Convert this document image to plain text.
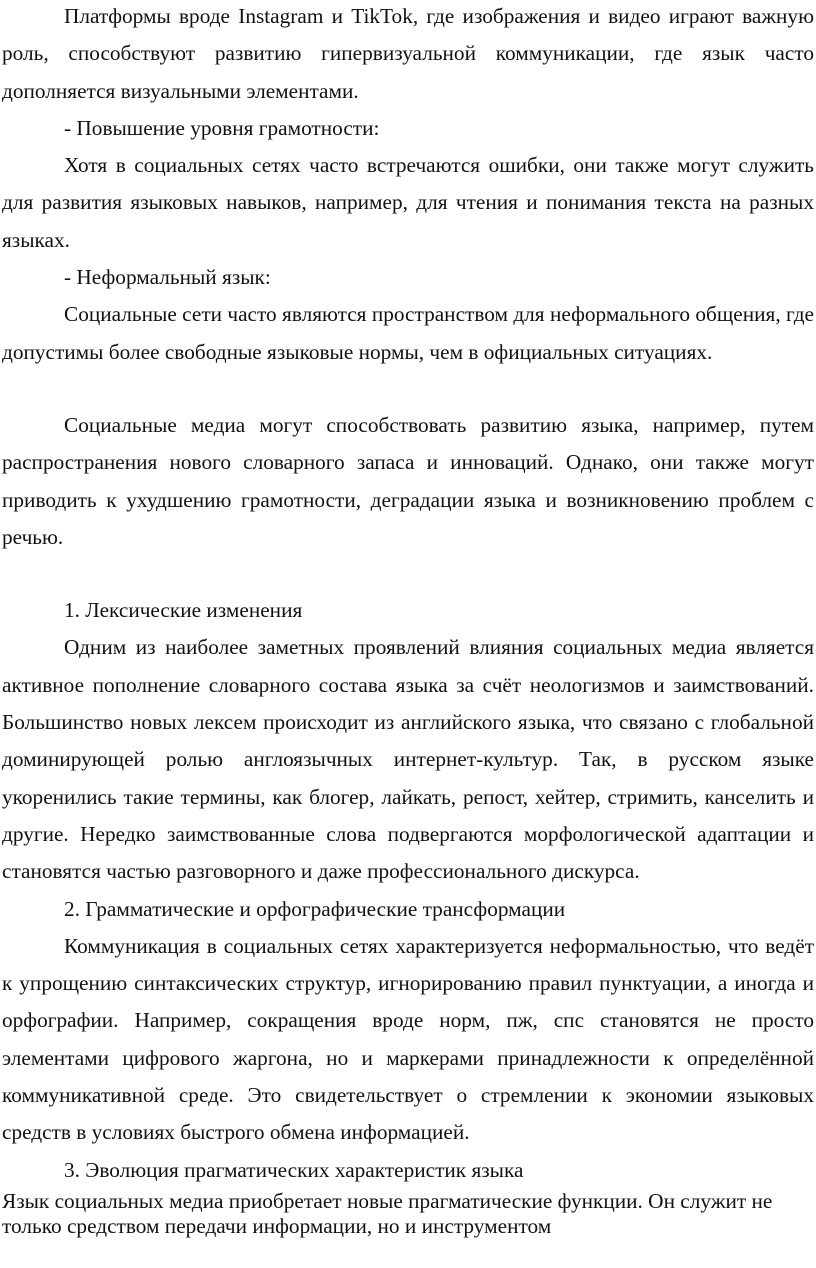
Платформы вроде Instagram и TikTok, где изображения и видео играют важную роль, способствуют развитию гипервизуальной коммуникации, где язык часто дополняется визуальными элементами.

- Повышение уровня грамотности:

Хотя в социальных сетях часто встречаются ошибки, они также могут служить для развития языковых навыков, например, для чтения и понимания текста на разных языках.

- Неформальный язык:

Социальные сети часто являются пространством для неформального общения, где допустимы более свободные языковые нормы, чем в официальных ситуациях.

Социальные медиа могут способствовать развитию языка, например, путем распространения нового словарного запаса и инноваций. Однако, они также могут приводить к ухудшению грамотности, деградации языка и возникновению проблем с речью.

1. Лексические изменения

Одним из наиболее заметных проявлений влияния социальных медиа является активное пополнение словарного состава языка за счёт неологизмов и заимствований. Большинство новых лексем происходит из английского языка, что связано с глобальной доминирующей ролью англоязычных интернет-культур. Так, в русском языке укоренились такие термины, как блогер, лайкать, репост, хейтер, стримить, канселить и другие. Нередко заимствованные слова подвергаются морфологической адаптации и становятся частью разговорного и даже профессионального дискурса.

2. Грамматические и орфографические трансформации

Коммуникация в социальных сетях характеризуется неформальностью, что ведёт к упрощению синтаксических структур, игнорированию правил пунктуации, а иногда и орфографии. Например, сокращения вроде норм, пж, спс становятся не просто элементами цифрового жаргона, но и маркерами принадлежности к определённой коммуникативной среде. Это свидетельствует о стремлении к экономии языковых средств в условиях быстрого обмена информацией.

3. Эволюция прагматических характеристик языка

Язык социальных медиа приобретает новые прагматические функции. Он служит не только средством передачи информации, но и инструментом
